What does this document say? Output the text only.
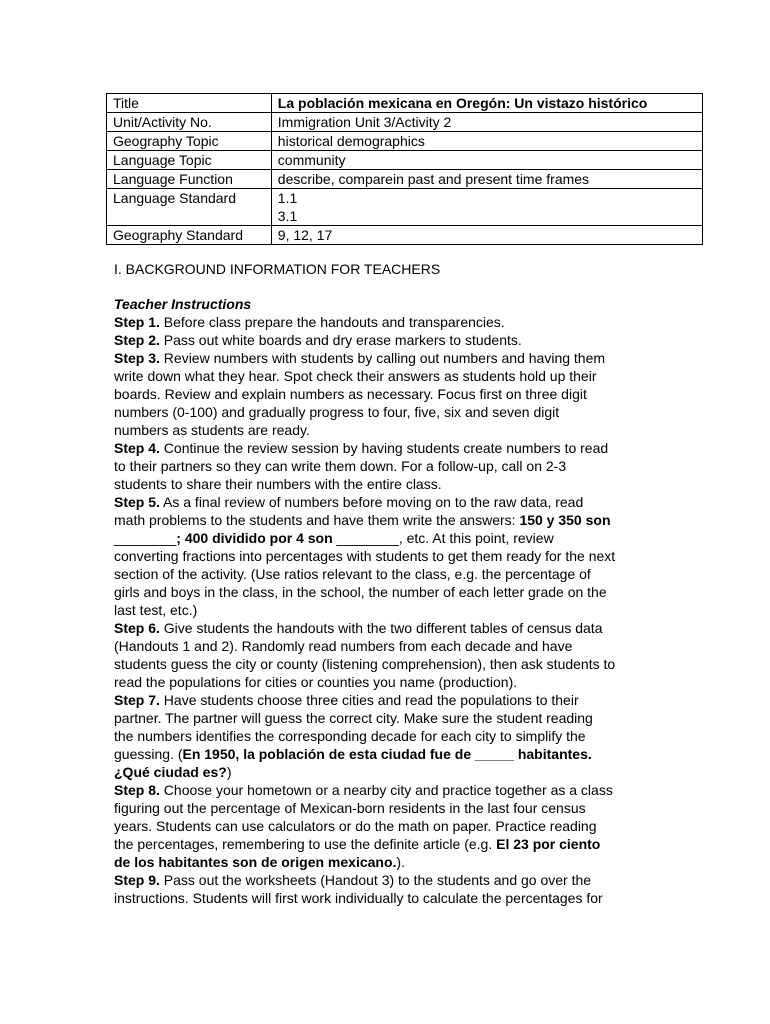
Title	La población mexicana en Oregón: Un vistazo histórico
Unit/Activity No.	Immigration Unit 3/Activity 2
Geography Topic	historical demographics
Language Topic	community
Language Function	describe, comparein past and present time frames
Language Standard	1.1
3.1

Geography Standard	9, 12, 17
I. BACKGROUND INFORMATION FOR TEACHERS
Teacher Instructions
Step 1. Before class prepare the handouts and transparencies.
Step 2. Pass out white boards and dry erase markers to students.
Step 3. Review numbers with students by calling out numbers and having them
write down what they hear. Spot check their answers as students hold up their
boards. Review and explain numbers as necessary. Focus first on three digit
numbers (0-100) and gradually progress to four, five, six and seven digit
numbers as students are ready.
Step 4. Continue the review session by having students create numbers to read
to their partners so they can write them down. For a follow-up, call on 2-3
students to share their numbers with the entire class.
Step 5. As a final review of numbers before moving on to the raw data, read
math problems to the students and have them write the answers: 150 y 350 son
________; 400 dividido por 4 son ________, etc. At this point, review
converting fractions into percentages with students to get them ready for the next
section of the activity. (Use ratios relevant to the class, e.g. the percentage of
girls and boys in the class, in the school, the number of each letter grade on the
last test, etc.)
Step 6. Give students the handouts with the two different tables of census data
(Handouts 1 and 2). Randomly read numbers from each decade and have
students guess the city or county (listening comprehension), then ask students to
read the populations for cities or counties you name (production).
Step 7. Have students choose three cities and read the populations to their
partner. The partner will guess the correct city. Make sure the student reading
the numbers identifies the corresponding decade for each city to simplify the
guessing. (En 1950, la población de esta ciudad fue de _____ habitantes.
¿Qué ciudad es?)
Step 8. Choose your hometown or a nearby city and practice together as a class
figuring out the percentage of Mexican-born residents in the last four census
years. Students can use calculators or do the math on paper. Practice reading
the percentages, remembering to use the definite article (e.g. El 23 por ciento
de los habitantes son de origen mexicano.).
Step 9. Pass out the worksheets (Handout 3) to the students and go over the
instructions. Students will first work individually to calculate the percentages for
